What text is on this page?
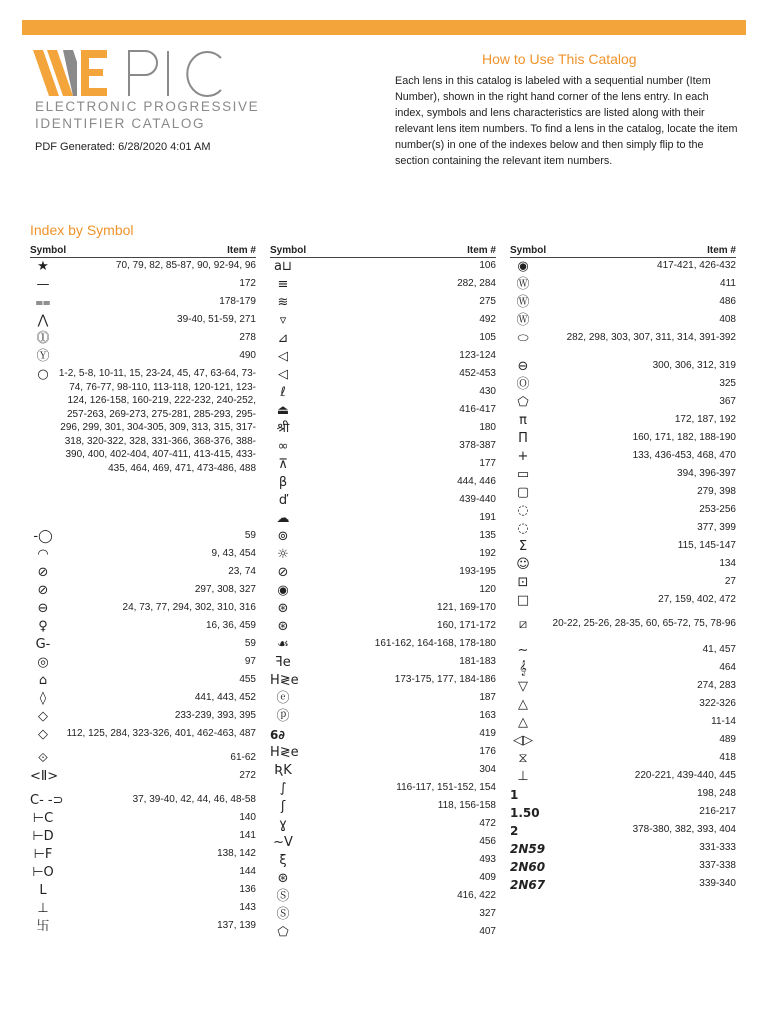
ELECTRONIC PROGRESSIVE
IDENTIFIER CATALOG
PDF Generated: 6/28/2020 4:01 AM
How to Use This Catalog
Each lens in this catalog is labeled with a sequential number (Item Number), shown in the right hand corner of the lens entry. In each index, symbols and lens characteristics are listed along with their relevant lens item numbers. To find a lens in the catalog, locate the item number(s) in one of the indexes below and then simply flip to the section containing the relevant item numbers.
Index by Symbol
Symbol	Item #
★	70, 79, 82, 85-87, 90, 92-94, 96
—	172
⩵	178-179
⋀	39-40, 51-59, 271
⓵	278
Ⓨ	490
○	1-2, 5-8, 10-11, 15, 23-24, 45, 47, 63-64, 73-74, 76-77, 98-110, 113-118, 120-121, 123-124, 126-158, 160-219, 222-232, 240-252, 257-263, 269-273, 275-281, 285-293, 295-296, 299, 301, 304-305, 309, 313, 315, 317-318, 320-322, 328, 331-366, 368-376, 388-390, 400, 402-404, 407-411, 413-415, 433-435, 464, 469, 471, 473-486, 488
-◯	59
◠	9, 43, 454
⊘	23, 74
⊘	297, 308, 327
⊖	24, 73, 77, 294, 302, 310, 316
♀	16, 36, 459
G-	59
◎	97
⌂	455
◊	441, 443, 452
◇	233-239, 393, 395
◇	112, 125, 284, 323-326, 401, 462-463, 487
⟐	61-62
<Ⅱ>	272
C- -⊃	37, 39-40, 42, 44, 46, 48-58
⊢C	140
⊢D	141
⊢F	138, 142
⊢O	144
L	136
⊥	143
卐	137, 139
Symbol	Item #
a⊔	106
≡	282, 284
≋	275
▿	492
⊿	105
◁	123-124
◁	452-453
ℓ	430
⏏	416-417
श्री	180
∞	378-387
⊼	177
β	444, 446
ď	439-440
☁	191
⊚	135
☼	192
⊘	193-195
◉	120
⊛	121, 169-170
⊛	160, 171-172
☙	161-162, 164-168, 178-180
ꟻe	181-183
H≷e	173-175, 177, 184-186
ⓔ	187
ⓟ	163
6∂	419
H≷e	176
ƦK	304
∫	116-117, 151-152, 154
ʃ	118, 156-158
ɣ	472
~V	456
ξ	493
⊛	409
Ⓢ	416, 422
Ⓢ	327
⬠	407
Symbol	Item #
◉	417-421, 426-432
Ⓦ	411
Ⓦ	486
Ⓦ	408
⬭	282, 298, 303, 307, 311, 314, 391-392
⊖	300, 306, 312, 319
Ⓞ	325
⬠	367
π	172, 187, 192
Π	160, 171, 182, 188-190
+	133, 436-453, 468, 470
▭	394, 396-397
▢	279, 398
◌	253-256
◌	377, 399
Σ	115, 145-147
☺	134
⊡	27
□	27, 159, 402, 472
⧄	20-22, 25-26, 28-35, 60, 65-72, 75, 78-96
∼	41, 457
𝄞	464
▽	274, 283
△	322-326
△	11-14
◁▷	489
⧖	418
⊥	220-221, 439-440, 445
1	198, 248
1.50	216-217
2	378-380, 382, 393, 404
2N59	331-333
2N60	337-338
2N67	339-340
